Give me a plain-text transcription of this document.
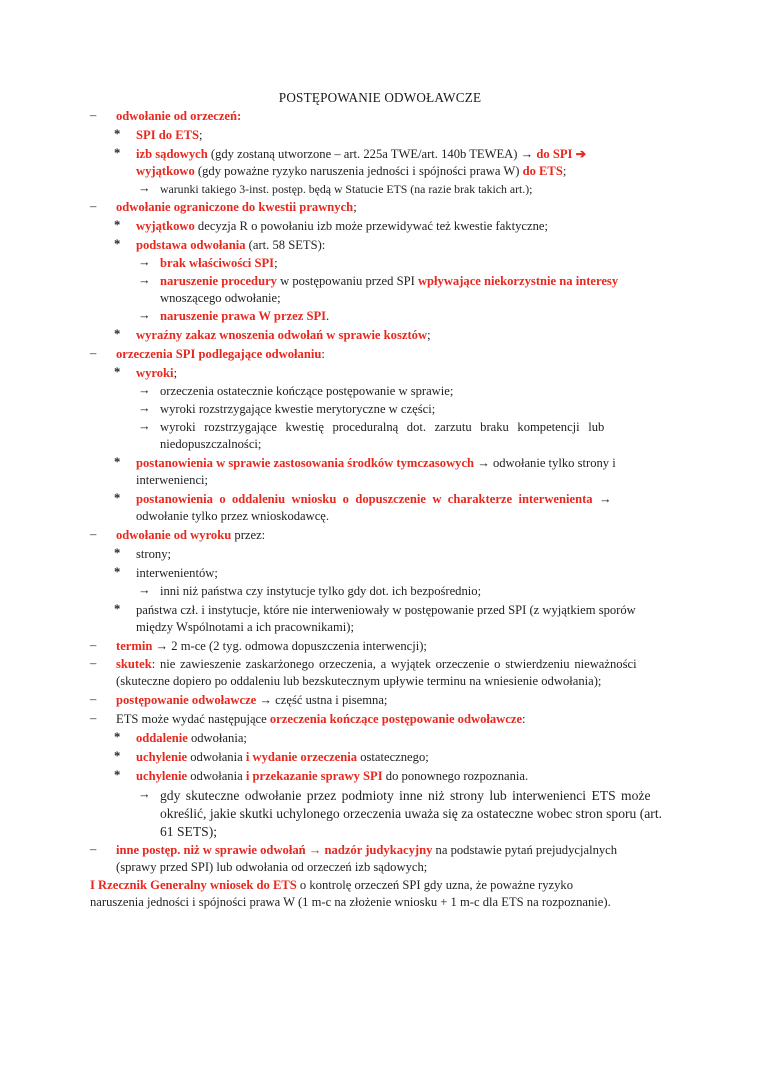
POSTĘPOWANIE ODWOŁAWCZE
– odwołanie od orzeczeń:
* SPI do ETS;
* izb sądowych (gdy zostaną utworzone – art. 225a TWE/art. 140b TEWEA) → do SPI ➔
wyjątkowo (gdy poważne ryzyko naruszenia jedności i spójności prawa W) do ETS;
→ warunki takiego 3-inst. postęp. będą w Statucie ETS (na razie brak takich art.);
– odwołanie ograniczone do kwestii prawnych;
* wyjątkowo decyzja R o powołaniu izb może przewidywać też kwestie faktyczne;
* podstawa odwołania (art. 58 SETS):
→ brak właściwości SPI;
→ naruszenie procedury w postępowaniu przed SPI wpływające niekorzystnie na interesy
wnoszącego odwołanie;
→ naruszenie prawa W przez SPI.
* wyraźny zakaz wnoszenia odwołań w sprawie kosztów;
– orzeczenia SPI podlegające odwołaniu:
* wyroki;
→ orzeczenia ostatecznie kończące postępowanie w sprawie;
→ wyroki rozstrzygające kwestie merytoryczne w części;
→ wyroki rozstrzygające kwestię proceduralną dot. zarzutu braku kompetencji lub
niedopuszczalności;
* postanowienia w sprawie zastosowania środków tymczasowych → odwołanie tylko strony i
interwenienci;
* postanowienia o oddaleniu wniosku o dopuszczenie w charakterze interwenienta →
odwołanie tylko przez wnioskodawcę.
– odwołanie od wyroku przez:
* strony;
* interwenientów;
→ inni niż państwa czy instytucje tylko gdy dot. ich bezpośrednio;
* państwa czł. i instytucje, które nie interweniowały w postępowanie przed SPI (z wyjątkiem sporów
między Wspólnotami a ich pracownikami);
– termin → 2 m-ce (2 tyg. odmowa dopuszczenia interwencji);
– skutek: nie zawieszenie zaskarżonego orzeczenia, a wyjątek orzeczenie o stwierdzeniu nieważności
(skuteczne dopiero po oddaleniu lub bezskutecznym upływie terminu na wniesienie odwołania);
– postępowanie odwoławcze → część ustna i pisemna;
– ETS może wydać następujące orzeczenia kończące postępowanie odwoławcze:
* oddalenie odwołania;
* uchylenie odwołania i wydanie orzeczenia ostatecznego;
* uchylenie odwołania i przekazanie sprawy SPI do ponownego rozpoznania.
→ gdy skuteczne odwołanie przez podmioty inne niż strony lub interwenienci ETS może
określić, jakie skutki uchylonego orzeczenia uważa się za ostateczne wobec stron sporu (art.
61 SETS);
– inne postęp. niż w sprawie odwołań → nadzór judykacyjny na podstawie pytań prejudycjalnych
(sprawy przed SPI) lub odwołania od orzeczeń izb sądowych;
I Rzecznik Generalny wniosek do ETS o kontrolę orzeczeń SPI gdy uzna, że poważne ryzyko
naruszenia jedności i spójności prawa W (1 m-c na złożenie wniosku + 1 m-c dla ETS na rozpoznanie).
